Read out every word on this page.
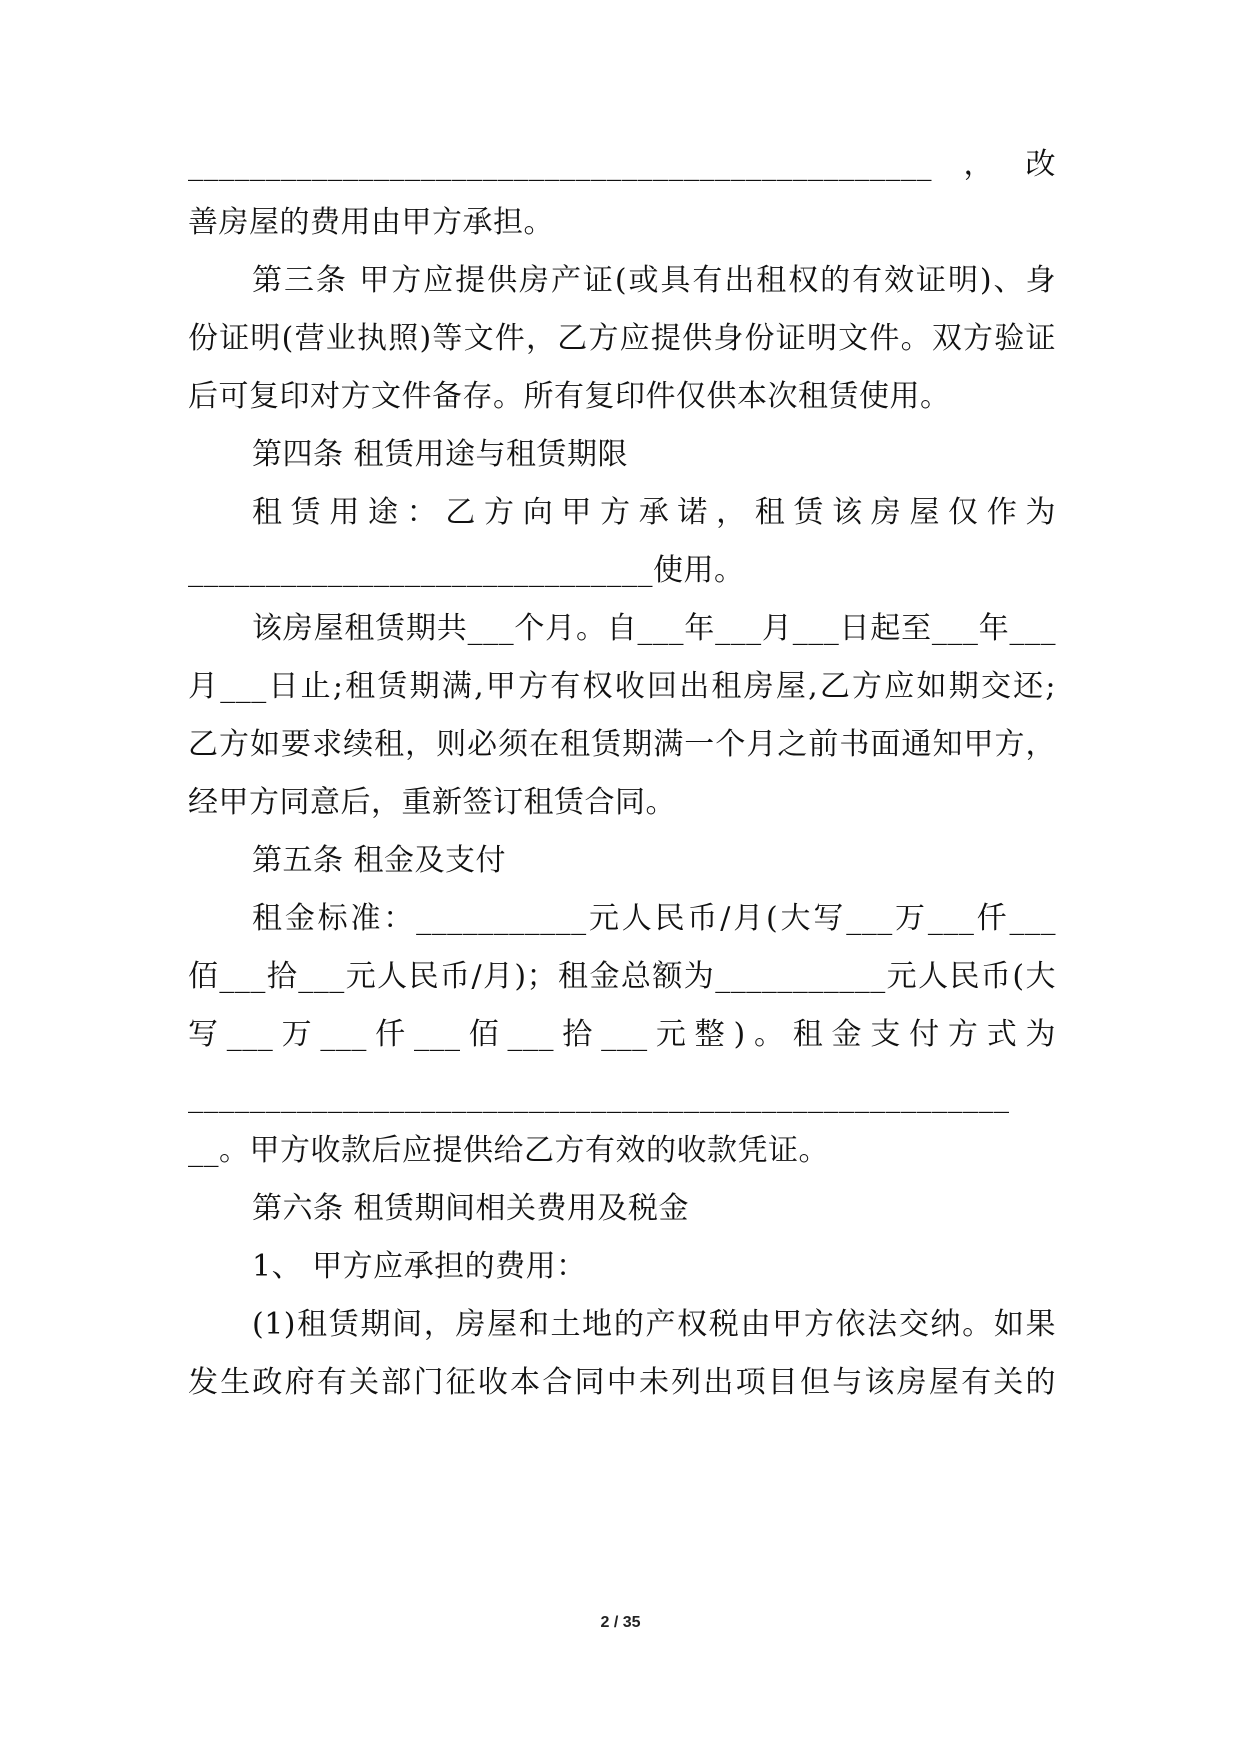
________________________________________________，改
善房屋的费用由甲方承担。
第三条 甲方应提供房产证(或具有出租权的有效证明)、身
份证明(营业执照)等文件，乙方应提供身份证明文件。双方验证
后可复印对方文件备存。所有复印件仅供本次租赁使用。
第四条 租赁用途与租赁期限
租赁用途：乙方向甲方承诺，租赁该房屋仅作为
______________________________使用。
该房屋租赁期共___个月。自___年___月___日起至___年___
月___日止;租赁期满,甲方有权收回出租房屋,乙方应如期交还;
乙方如要求续租，则必须在租赁期满一个月之前书面通知甲方，
经甲方同意后，重新签订租赁合同。
第五条 租金及支付
租金标准：___________元人民币/月(大写___万___仟___
佰___拾___元人民币/月)；租金总额为___________元人民币(大
写___万___仟___佰___拾___元整)。租金支付方式为
_____________________________________________________
__。甲方收款后应提供给乙方有效的收款凭证。
第六条 租赁期间相关费用及税金
1、 甲方应承担的费用：
(1)租赁期间，房屋和土地的产权税由甲方依法交纳。如果
发生政府有关部门征收本合同中未列出项目但与该房屋有关的
2 / 35
